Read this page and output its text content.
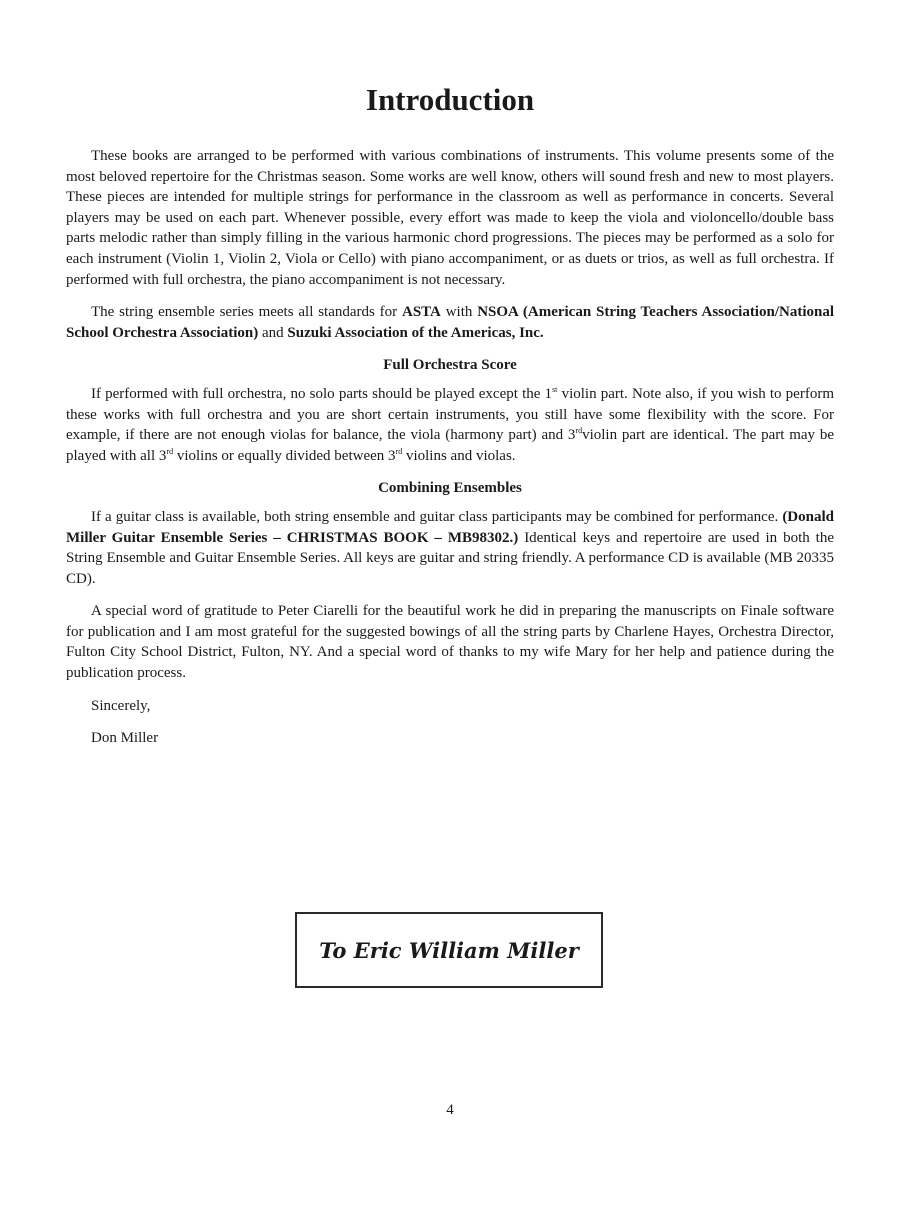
Introduction

These books are arranged to be performed with various combinations of instruments. This volume presents some of the most beloved repertoire for the Christmas season. Some works are well know, others will sound fresh and new to most players. These pieces are intended for multiple strings for performance in the classroom as well as performance in concerts. Several players may be used on each part. Whenever possible, every effort was made to keep the viola and violoncello/double bass parts melodic rather than simply filling in the various harmonic chord progressions. The pieces may be performed as a solo for each instrument (Violin 1, Violin 2, Viola or Cello) with piano accompaniment, or as duets or trios, as well as full orchestra. If performed with full orchestra, the piano accompaniment is not necessary.

The string ensemble series meets all standards for ASTA with NSOA (American String Teachers Association/National School Orchestra Association) and Suzuki Association of the Americas, Inc.

Full Orchestra Score

If performed with full orchestra, no solo parts should be played except the 1st violin part. Note also, if you wish to perform these works with full orchestra and you are short certain instruments, you still have some flexibility with the score. For example, if there are not enough violas for balance, the viola (harmony part) and 3rdviolin part are identical. The part may be played with all 3rd violins or equally divided between 3rd violins and violas.

Combining Ensembles

If a guitar class is available, both string ensemble and guitar class participants may be combined for performance. (Donald Miller Guitar Ensemble Series – CHRISTMAS BOOK – MB98302.) Identical keys and repertoire are used in both the String Ensemble and Guitar Ensemble Series. All keys are guitar and string friendly. A performance CD is available (MB 20335 CD).

A special word of gratitude to Peter Ciarelli for the beautiful work he did in preparing the manuscripts on Finale software for publication and I am most grateful for the suggested bowings of all the string parts by Charlene Hayes, Orchestra Director, Fulton City School District, Fulton, NY. And a special word of thanks to my wife Mary for her help and patience during the publication process.

Sincerely,

Don Miller

To Eric William Miller
4
